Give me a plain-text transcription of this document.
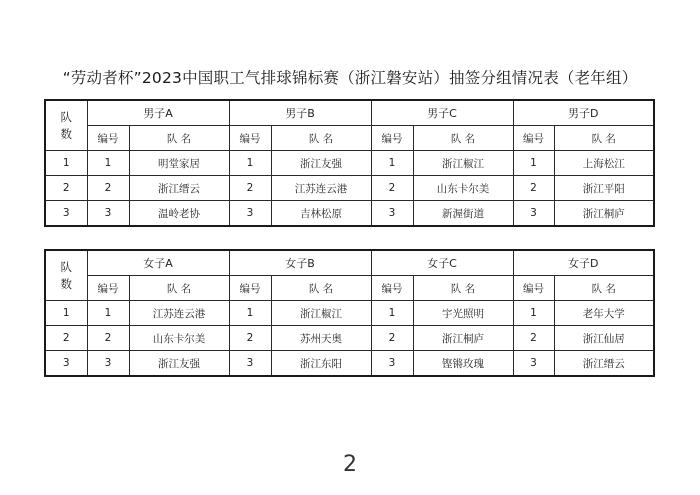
“劳动者杯”2023中国职工气排球锦标赛（浙江磐安站）抽签分组情况表（老年组）
队
数	男子A		男子B		男子C		男子D	
	编号	队 名	编号	队 名	编号	队 名	编号	队 名
1	1	明堂家居	1	浙江友强	1	浙江椒江	1	上海松江
2	2	浙江缙云	2	江苏连云港	2	山东卡尔美	2	浙江平阳
3	3	温岭老协	3	吉林松原	3	新渥街道	3	浙江桐庐
队
数	女子A		女子B		女子C		女子D	
	编号	队 名	编号	队 名	编号	队 名	编号	队 名
1	1	江苏连云港	1	浙江椒江	1	宇光照明	1	老年大学
2	2	山东卡尔美	2	苏州天奥	2	浙江桐庐	2	浙江仙居
3	3	浙江友强	3	浙江东阳	3	铿锵玫瑰	3	浙江缙云
2
